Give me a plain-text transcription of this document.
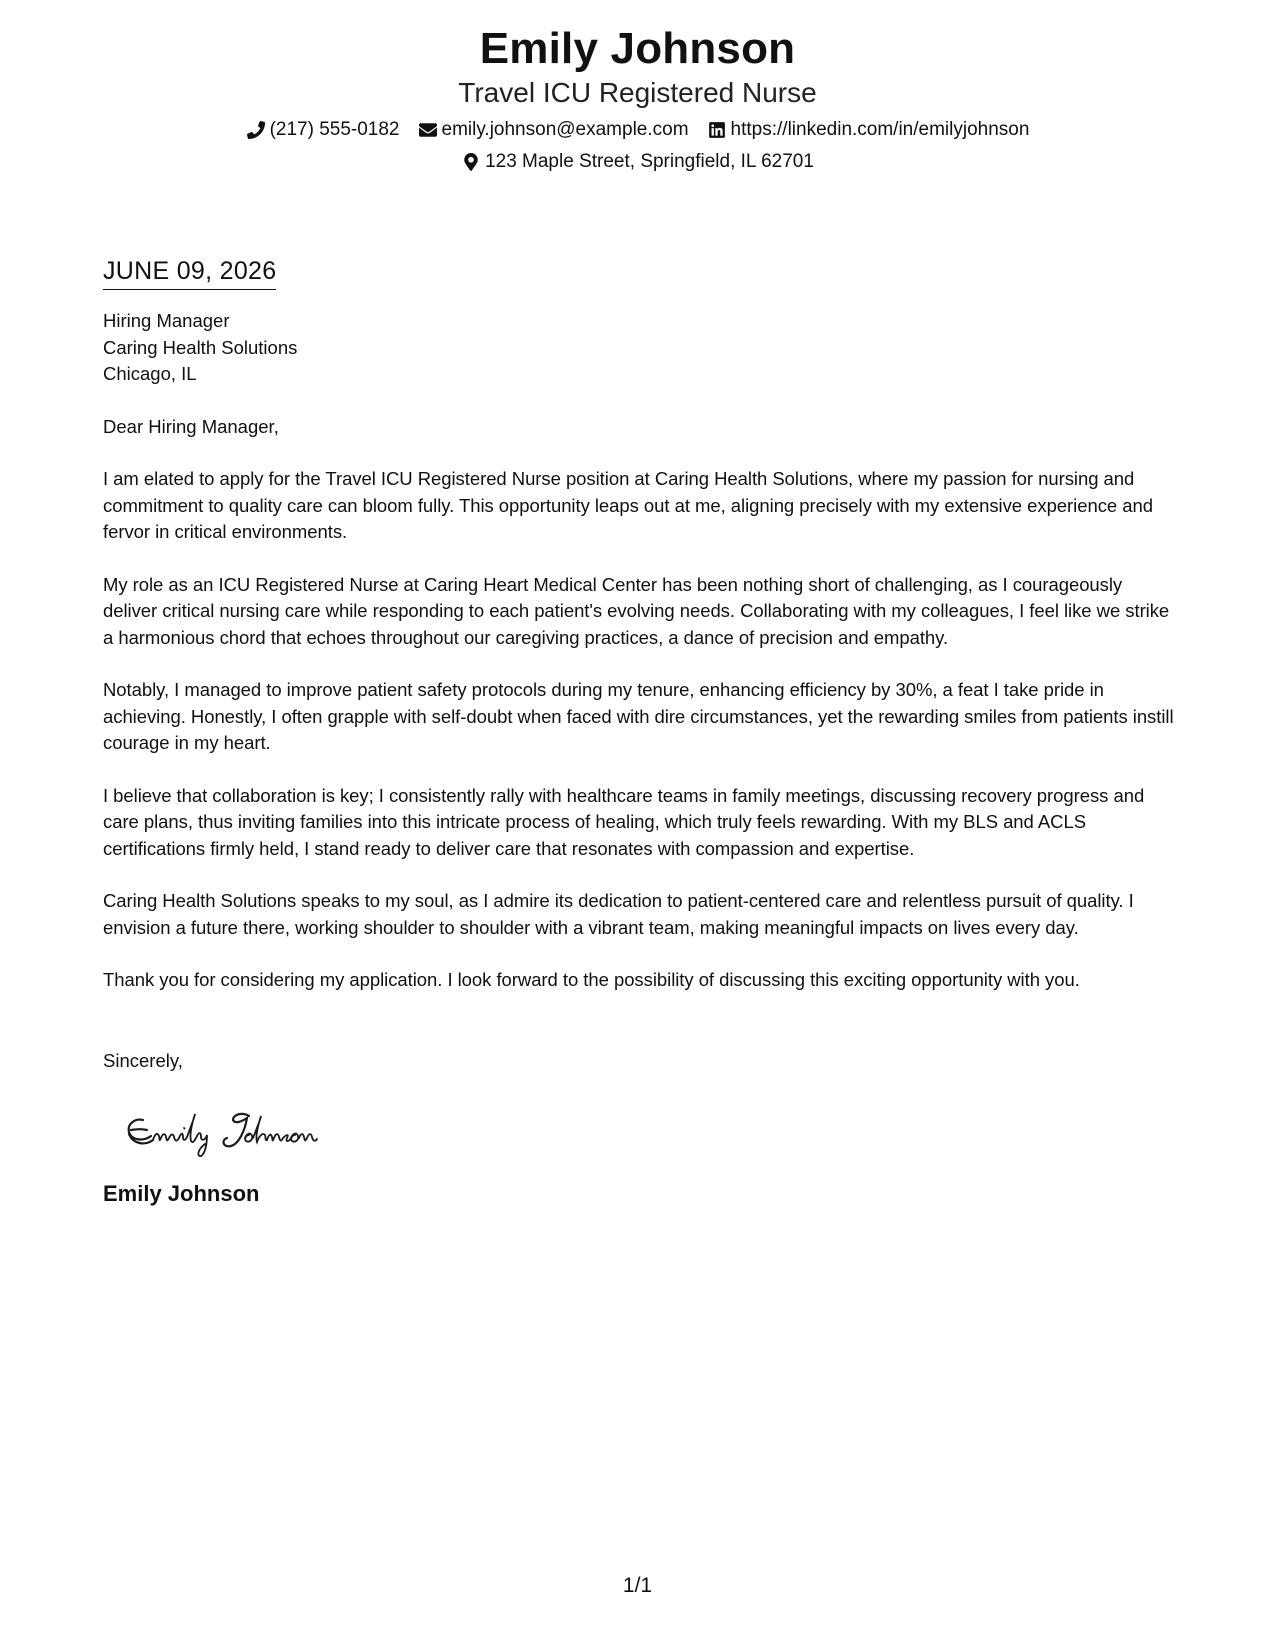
Emily Johnson
Travel ICU Registered Nurse
(217) 555-0182 emily.johnson@example.com https://linkedin.com/in/emilyjohnson
123 Maple Street, Springfield, IL 62701
JUNE 09, 2026
Hiring Manager
Caring Health Solutions
Chicago, IL
Dear Hiring Manager,
I am elated to apply for the Travel ICU Registered Nurse position at Caring Health Solutions, where my passion for nursing and commitment to quality care can bloom fully. This opportunity leaps out at me, aligning precisely with my extensive experience and fervor in critical environments.
My role as an ICU Registered Nurse at Caring Heart Medical Center has been nothing short of challenging, as I courageously deliver critical nursing care while responding to each patient's evolving needs. Collaborating with my colleagues, I feel like we strike a harmonious chord that echoes throughout our caregiving practices, a dance of precision and empathy.
Notably, I managed to improve patient safety protocols during my tenure, enhancing efficiency by 30%, a feat I take pride in achieving. Honestly, I often grapple with self-doubt when faced with dire circumstances, yet the rewarding smiles from patients instill courage in my heart.
I believe that collaboration is key; I consistently rally with healthcare teams in family meetings, discussing recovery progress and care plans, thus inviting families into this intricate process of healing, which truly feels rewarding. With my BLS and ACLS certifications firmly held, I stand ready to deliver care that resonates with compassion and expertise.
Caring Health Solutions speaks to my soul, as I admire its dedication to patient-centered care and relentless pursuit of quality. I envision a future there, working shoulder to shoulder with a vibrant team, making meaningful impacts on lives every day.
Thank you for considering my application. I look forward to the possibility of discussing this exciting opportunity with you.
Sincerely,
Emily Johnson
1/1
